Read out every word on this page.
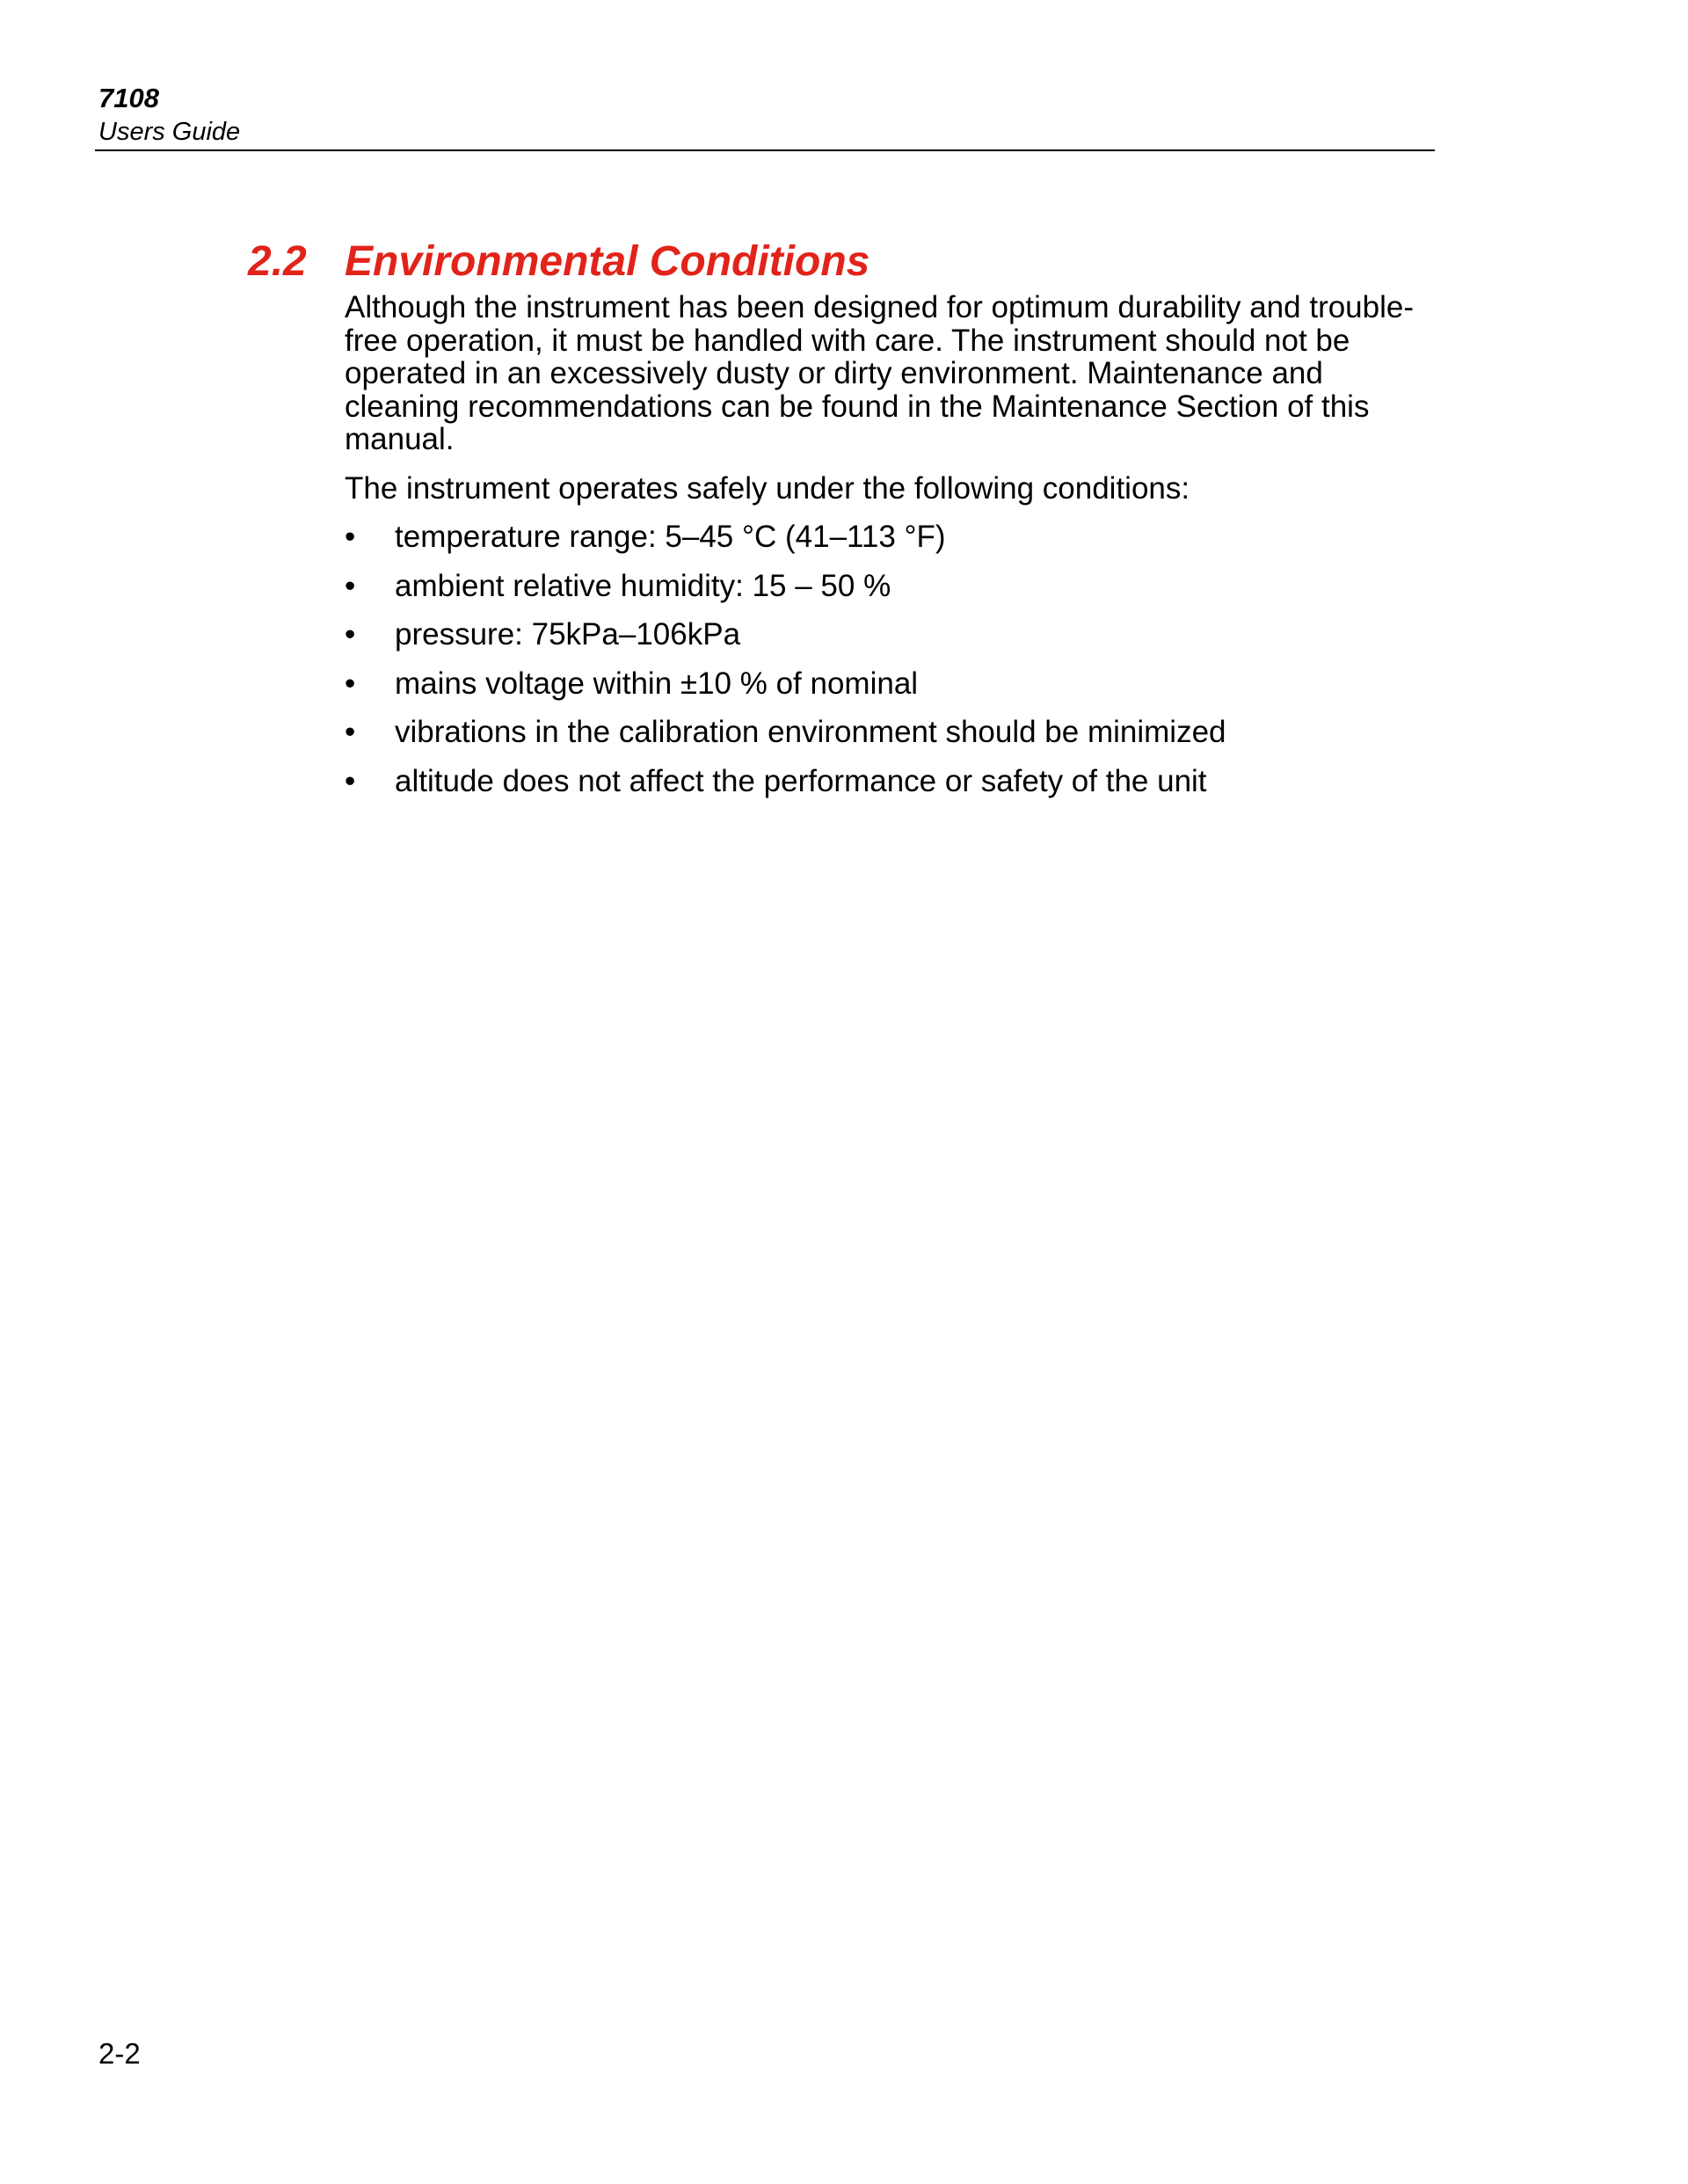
7108
Users Guide
2.2 Environmental Conditions

Although the instrument has been designed for optimum durability and trouble-free operation, it must be handled with care. The instrument should not be operated in an excessively dusty or dirty environment. Maintenance and cleaning recommendations can be found in the Maintenance Section of this manual.

The instrument operates safely under the following conditions:

• temperature range: 5–45 °C (41–113 °F)
• ambient relative humidity: 15 – 50 %
• pressure: 75kPa–106kPa
• mains voltage within ±10 % of nominal
• vibrations in the calibration environment should be minimized
• altitude does not affect the performance or safety of the unit
2-2
